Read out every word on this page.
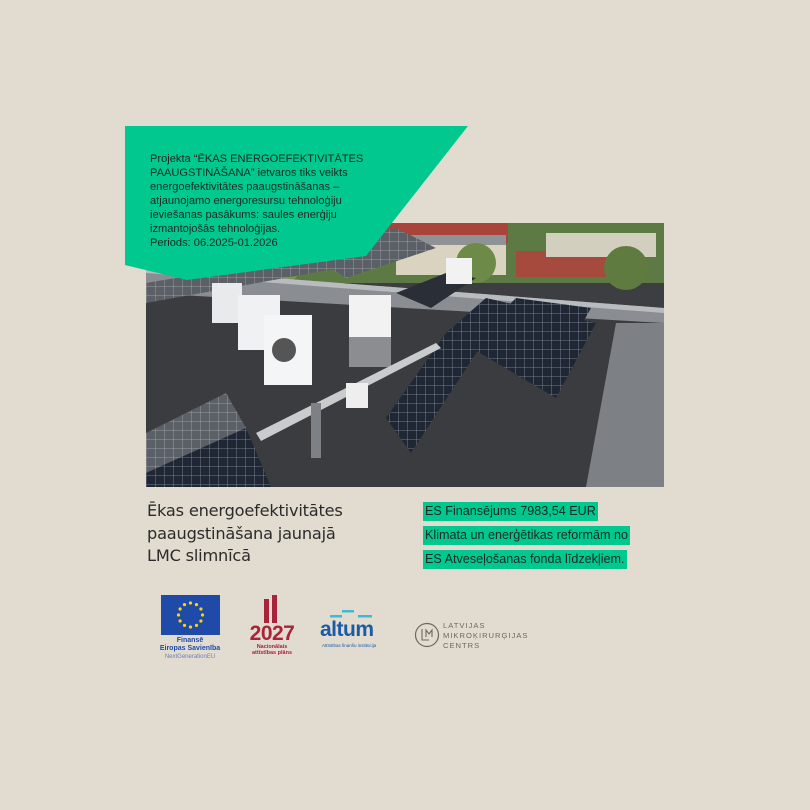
Projekta “ĒKAS ENERGOEFEKTIVITĀTES
PAAUGSTINĀŠANA” ietvaros tiks veikts
energoefektivitātes paaugstināšanas –
atjaunojamo energoresursu tehnoloģiju
ieviešanas pasākums: saules enerģiju
izmantojošās tehnoloģijas.
Periods: 06.2025-01.2026
Ēkas energoefektivitātes
paaugstināšana jaunajā
LMC slimnīcā
ES Finansējums 7983,54 EUR
Klimata un enerģētikas reformām no
ES Atveseļošanas fonda līdzekļiem.
Finansē
Eiropas Savienība
NextGenerationEU
2027
Nacionālais
attīstības plāns
altum
Attīstības finanšu institūcija
LATVIJAS
MIKROĶIRURĢIJAS
CENTRS
